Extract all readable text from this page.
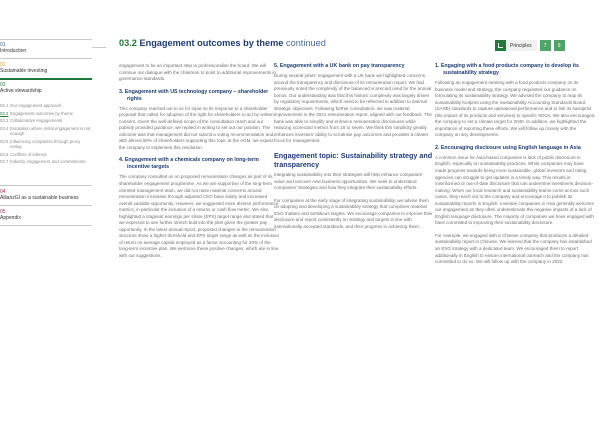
01
Introduction
02
Sustainable investing
03
Active stewardship
03.1 Our engagement approach
03.2 Engagement outcomes by theme
03.3 Collaborative engagements
03.4 Escalation where initial engagement is not enough
03.5 Influencing companies through proxy voting
03.6 Conflicts of interest
03.7 Industry engagement and commitments
04
AllianzGI as a sustainable business
05
Appendix
03.2 Engagement outcomes by theme continued	Principles	7	9

engagement to be an important step to professionalise the board. We will continue our dialogue with the chairman to point to additional improvements in governance standards.

3. Engagement with US technology company – shareholder rights

This company reached out to us for input on its response to a shareholder proposal that called for adoption of the right for shareholders to act by written consent. Given the well-defined scope of the consultation reach and our publicly provided guidance, we replied in writing to set out our position. The outcome was that management did not submit a voting recommendation and, with almost 80% of shareholders supporting this topic at the AGM, we expect the company to implement this resolution.

4. Engagement with a chemicals company on long-term incentive targets

The company consulted us on proposed remuneration changes as part of its shareholder engagement programme. As we are supportive of the long-term oriented management team, we did not raise material concerns around remuneration increases through adjusted CEO base salary and increased overall variable opportunity. However, we suggested more diverse performance metrics, in particular the inclusion of a returns or cash flow metric. We also highlighted a stagnant earnings per share (EPS) target range and stated that we expected to see further stretch built into the plan given the greater pay opportunity. In the latest annual report, proposed changes to the remuneration structure show a higher threshold and EPS target range as well as the inclusion of return on average capital employed as a factor accounting for 20% of the long-term incentive plan. We welcome these positive changes, which are in line with our suggestions.

5. Engagement with a UK bank on pay transparency

During several years' engagement with a UK bank we highlighted concerns around the transparency and disclosure of its remuneration report. We had previously noted the complexity of the balanced scorecard used for the annual bonus. Our understanding was that this historic complexity was largely driven by regulatory requirements, which need to be reflected in addition to internal strategic objectives. Following further consultation, we saw material improvements in the 2021 remuneration report, aligned with our feedback. The bank was able to simplify and enhance remuneration disclosures while reducing scorecard metrics from 15 to seven. We think this simplicity greatly enhances investors' ability to scrutinise pay outcomes and provides a clearer focus for management.

Engagement topic: Sustainability strategy and transparency

Integrating sustainability into their strategies will help enhance companies' value and uncover new business opportunities. We seek to understand companies' strategies and how they integrate their sustainability efforts.

For companies at the early stage of integrating sustainability, we advise them on adopting and developing a sustainability strategy that comprises material ESG matters and ambitious targets. We encourage companies to improve their disclosure and report consistently on strategy and targets in line with internationally accepted standards, and their progress in achieving them.

1. Engaging with a food products company to develop its sustainability strategy

Following an engagement meeting with a food products company on its business model and strategy, the company requested our guidance on formulating its sustainability strategy. We advised the company to map its sustainability footprint using the Sustainability Accounting Standards Board (SASB) standards to capture operational performance and to link its handprint (the impact of its products and services) to specific SDGs. We also encouraged the company to set a climate target for 2040. In addition, we highlighted the importance of reporting these efforts. We will follow up closely with the company on any developments.

2. Encouraging disclosure using English language in Asia

A common issue for Asia-based companies is lack of public disclosure in English, especially on sustainability practices. While companies may have made progress towards being more sustainable, global investors and rating agencies can struggle to get updates in a timely way. This results in misinformed or out-of-date disclosure that can undermine investment decision-making. When our local research and sustainability teams come across such cases, they reach out to the company and encourage it to publish its sustainability reports in English. Investee companies in Asia generally welcome our engagement as they often underestimate the negative impacts of a lack of English language disclosure. The majority of companies we have engaged with have committed to improving their sustainability disclosure.

For example, we engaged with a Chinese company that produces a detailed sustainability report in Chinese. We learned that the company has established an ESG strategy with a dedicated team. We encouraged them to report additionally in English to ensure international outreach and the company has committed to do so. We will follow up with the company in 2022.
